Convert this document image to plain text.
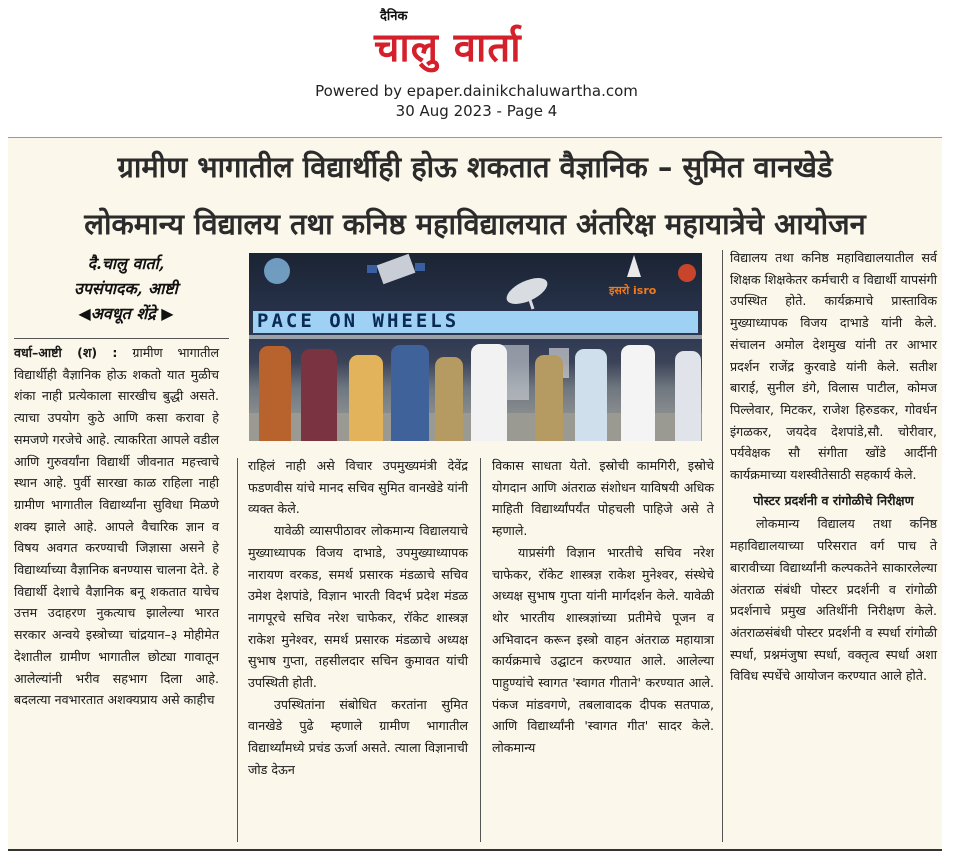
दैनिक
चालु वार्ता
Powered by epaper.dainikchaluwartha.com
30 Aug 2023 - Page 4
ग्रामीण भागातील विद्यार्थीही होऊ शकतात वैज्ञानिक – सुमित वानखेडे
लोकमान्य विद्यालय तथा कनिष्ठ महाविद्यालयात अंतरिक्ष महायात्रेचे आयोजन
दै.चालु वार्ता,
उपसंपादक, आष्टी
◀अवधूत शेंद्रे ▶	PACE ON WHEELS
इसरो isro

वर्धा–आष्टी (श) : ग्रामीण भागातील विद्यार्थीही वैज्ञानिक होऊ शकतो यात मुळीच शंका नाही प्रत्येकाला सारखीच बुद्धी असते. त्याचा उपयोग कुठे आणि कसा करावा हे समजणे गरजेचे आहे. त्याकरिता आपले वडील आणि गुरुवर्यांना विद्यार्थी जीवनात महत्त्वाचे स्थान आहे. पुर्वी सारखा काळ राहिला नाही ग्रामीण भागातील विद्यार्थ्यांना सुविधा मिळणे शक्य झाले आहे. आपले वैचारिक ज्ञान व विषय अवगत करण्याची जिज्ञासा असने हे विद्यार्थ्याच्या वैज्ञानिक बनण्यास चालना देते. हे विद्यार्थी देशाचे वैज्ञानिक बनू शकतात याचेच उत्तम उदाहरण नुकत्याच झालेल्या भारत सरकार अन्वये इस्त्रोच्या चांद्रयान–३ मोहीमेत देशातील ग्रामीण भागातील छोट्या गावातून आलेल्यांनी भरीव सहभाग दिला आहे. बदलत्या नवभारतात अशक्यप्राय असे काहीच

राहिलं नाही असे विचार उपमुख्यमंत्री देवेंद्र फडणवीस यांचे मानद सचिव सुमित वानखेडे यांनी व्यक्त केले.

यावेळी व्यासपीठावर लोकमान्य विद्यालयाचे मुख्याध्यापक विजय दाभाडे, उपमुख्याध्यापक नारायण वरकड, समर्थ प्रसारक मंडळाचे सचिव उमेश देशपांडे, विज्ञान भारती विदर्भ प्रदेश मंडळ नागपूरचे सचिव नरेश चाफेकर, रॉकेट शास्त्रज्ञ राकेश मुनेश्वर, समर्थ प्रसारक मंडळाचे अध्यक्ष सुभाष गुप्ता, तहसीलदार सचिन कुमावत यांची उपस्थिती होती.

उपस्थितांना संबोधित करतांना सुमित वानखेडे पुढे म्हणाले ग्रामीण भागातील विद्यार्थ्यांमध्ये प्रचंड ऊर्जा असते. त्याला विज्ञानाची जोड देऊन

विकास साधता येतो. इस्रोची कामगिरी, इस्रोचे योगदान आणि अंतराळ संशोधन याविषयी अधिक माहिती विद्यार्थ्यांपर्यंत पोहचली पाहिजे असे ते म्हणाले.

याप्रसंगी विज्ञान भारतीचे सचिव नरेश चाफेकर, रॉकेट शास्त्रज्ञ राकेश मुनेश्वर, संस्थेचे अध्यक्ष सुभाष गुप्ता यांनी मार्गदर्शन केले. यावेळी थोर भारतीय शास्त्रज्ञांच्या प्रतीमेचे पूजन व अभिवादन करून इस्त्रो वाहन अंतराळ महायात्रा कार्यक्रमाचे उद्घाटन करण्यात आले. आलेल्या पाहुण्यांचे स्वागत 'स्वागत गीताने' करण्यात आले. पंकज मांडवगणे, तबलावादक दीपक सतपाळ, आणि विद्यार्थ्यांनी 'स्वागत गीत' सादर केले. लोकमान्य

विद्यालय तथा कनिष्ठ महाविद्यालयातील सर्व शिक्षक शिक्षकेतर कर्मचारी व विद्यार्थी यापसंगी उपस्थित होते. कार्यक्रमाचे प्रास्ताविक मुख्याध्यापक विजय दाभाडे यांनी केले. संचालन अमोल देशमुख यांनी तर आभार प्रदर्शन राजेंद्र कुरवाडे यांनी केले. सतीश बाराई, सुनील डंगे, विलास पाटील, कोमज पिल्लेवार, मिटकर, राजेश हिरुडकर, गोवर्धन इंगळकर, जयदेव देशपांडे,सौ. चोरीवार, पर्यवेक्षक सौ संगीता खोंडे आर्दीनी कार्यक्रमाच्या यशस्वीतेसाठी सहकार्य केले.

पोस्टर प्रदर्शनी व रांगोळीचे निरीक्षण

लोकमान्य विद्यालय तथा कनिष्ठ महाविद्यालयाच्या परिसरात वर्ग पाच ते बारावीच्या विद्यार्थ्यांनी कल्पकतेने साकारलेल्या अंतराळ संबंधी पोस्टर प्रदर्शनी व रांगोळी प्रदर्शनाचे प्रमुख अतिथींनी निरीक्षण केले. अंतराळसंबंधी पोस्टर प्रदर्शनी व स्पर्धा रांगोळी स्पर्धा, प्रश्नमंजुषा स्पर्धा, वक्तृत्व स्पर्धा अशा विविध स्पर्धेचे आयोजन करण्यात आले होते.
